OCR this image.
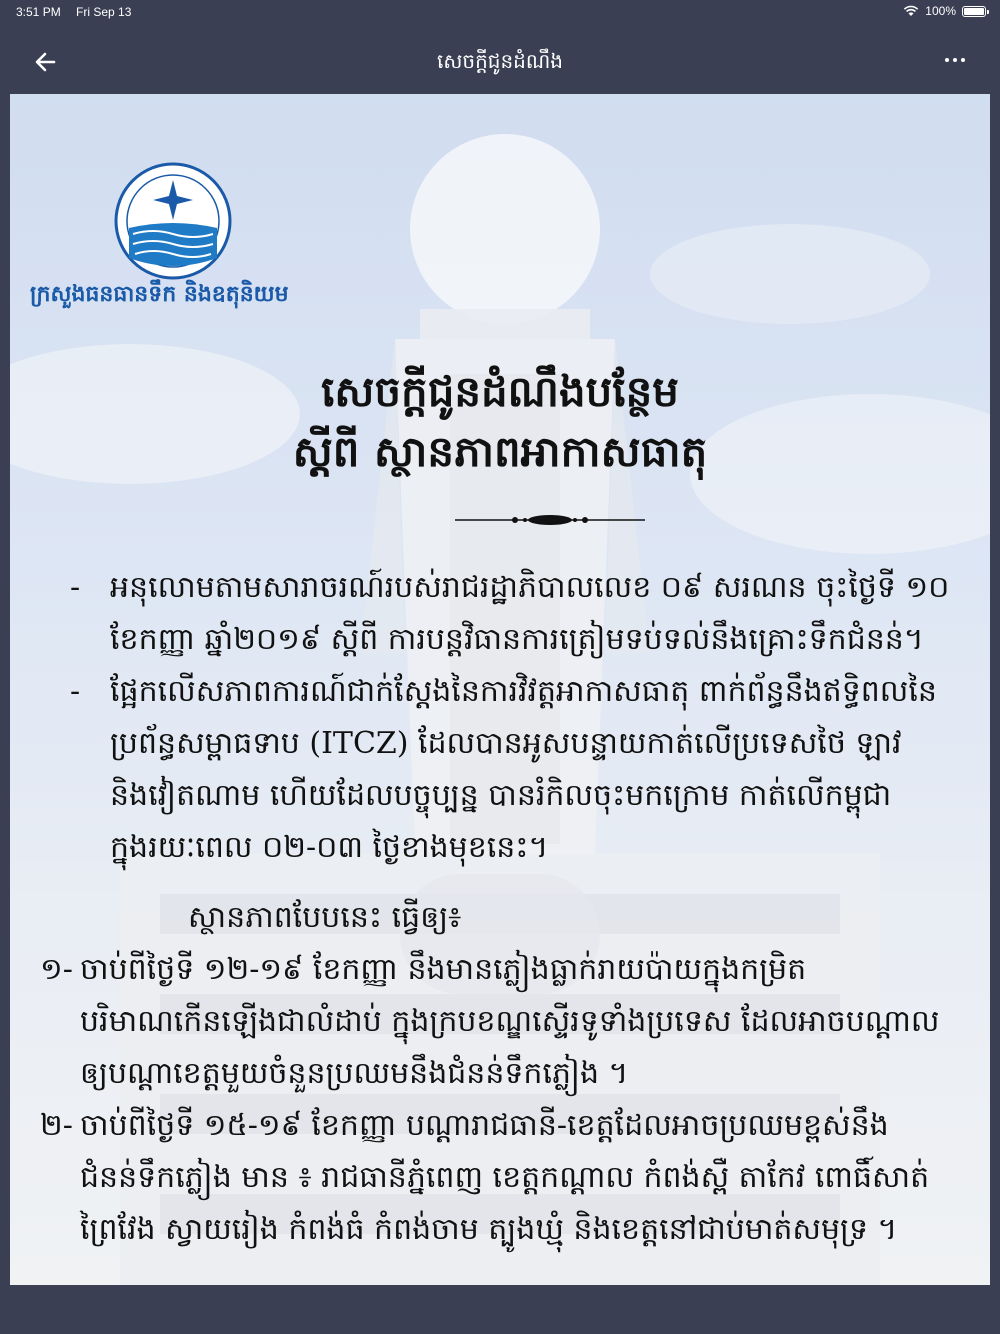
3:51 PM Fri Sep 13	100%
សេចក្តីជូនដំណឹង
ក្រសួងធនធានទឹក និងឧតុនិយម
សេចក្តីជូនដំណឹងបន្ថែម
ស្តីពី ស្ថានភាពអាកាសធាតុ
- អនុលោមតាមសារាចរណ៍របស់រាជរដ្ឋាភិបាលលេខ ០៩ សរណន ចុះថ្ងៃទី ១០ ខែកញ្ញា ឆ្នាំ២០១៩ ស្តីពី ការបន្តវិធានការត្រៀមទប់ទល់នឹងគ្រោះទឹកជំនន់។
- ផ្អែកលើសភាពការណ៍ជាក់ស្តែងនៃការវិវត្តអាកាសធាតុ ពាក់ព័ន្ធនឹងឥទ្ធិពលនៃប្រព័ន្ធសម្ពាធទាប (ITCZ) ដែលបានអូសបន្ទាយកាត់លើប្រទេសថៃ ឡាវ និងវៀតណាម ហើយដែលបច្ចុប្បន្ន បានរំកិលចុះមកក្រោម កាត់លើកម្ពុជា ក្នុងរយៈពេល ០២-០៣ ថ្ងៃខាងមុខនេះ។
ស្ថានភាពបែបនេះ ធ្វើឲ្យ៖
១- ចាប់ពីថ្ងៃទី ១២-១៩ ខែកញ្ញា នឹងមានភ្លៀងធ្លាក់រាយប៉ាយក្នុងកម្រិតបរិមាណកើនឡើងជាលំដាប់ ក្នុងក្របខណ្ឌស្ទើរទូទាំងប្រទេស ដែលអាចបណ្តាលឲ្យបណ្តាខេត្តមួយចំនួនប្រឈមនឹងជំនន់ទឹកភ្លៀង ។
២- ចាប់ពីថ្ងៃទី ១៥-១៩ ខែកញ្ញា បណ្តារាជធានី-ខេត្តដែលអាចប្រឈមខ្ពស់នឹងជំនន់ទឹកភ្លៀង មាន ៖ រាជធានីភ្នំពេញ ខេត្តកណ្តាល កំពង់ស្ពឺ តាកែវ ពោធិ៍សាត់ ព្រៃវែង ស្វាយរៀង កំពង់ធំ កំពង់ចាម ត្បូងឃ្មុំ និងខេត្តនៅជាប់មាត់សមុទ្រ ។
